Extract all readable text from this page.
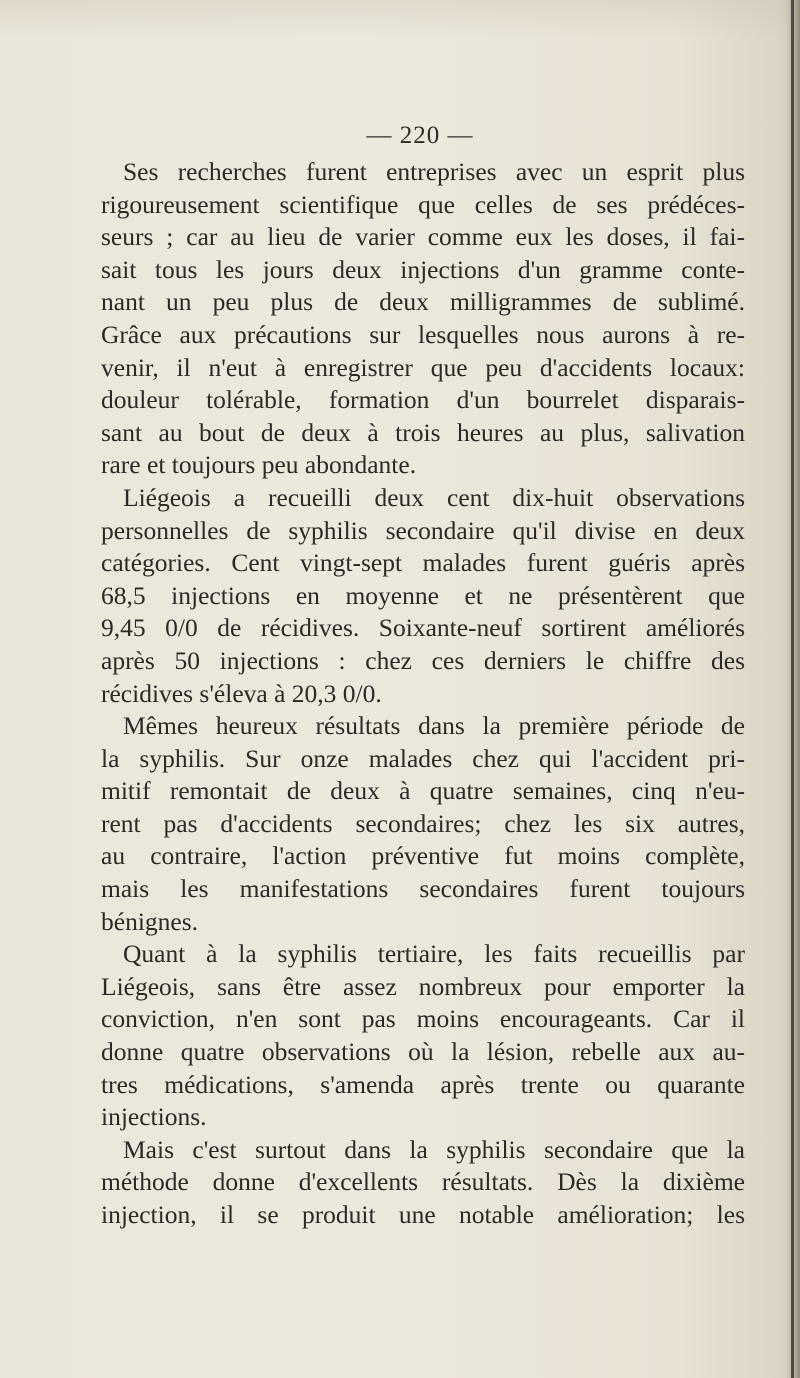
— 220 —
Ses recherches furent entreprises avec un esprit plus
rigoureusement scientifique que celles de ses prédéces-
seurs ; car au lieu de varier comme eux les doses, il fai-
sait tous les jours deux injections d'un gramme conte-
nant un peu plus de deux milligrammes de sublimé.
Grâce aux précautions sur lesquelles nous aurons à re-
venir, il n'eut à enregistrer que peu d'accidents locaux:
douleur tolérable, formation d'un bourrelet disparais-
sant au bout de deux à trois heures au plus, salivation
rare et toujours peu abondante.
Liégeois a recueilli deux cent dix-huit observations
personnelles de syphilis secondaire qu'il divise en deux
catégories. Cent vingt-sept malades furent guéris après
68,5 injections en moyenne et ne présentèrent que
9,45 0/0 de récidives. Soixante-neuf sortirent améliorés
après 50 injections : chez ces derniers le chiffre des
récidives s'éleva à 20,3 0/0.
Mêmes heureux résultats dans la première période de
la syphilis. Sur onze malades chez qui l'accident pri-
mitif remontait de deux à quatre semaines, cinq n'eu-
rent pas d'accidents secondaires; chez les six autres,
au contraire, l'action préventive fut moins complète,
mais les manifestations secondaires furent toujours
bénignes.
Quant à la syphilis tertiaire, les faits recueillis par
Liégeois, sans être assez nombreux pour emporter la
conviction, n'en sont pas moins encourageants. Car il
donne quatre observations où la lésion, rebelle aux au-
tres médications, s'amenda après trente ou quarante
injections.
Mais c'est surtout dans la syphilis secondaire que la
méthode donne d'excellents résultats. Dès la dixième
injection, il se produit une notable amélioration; les
